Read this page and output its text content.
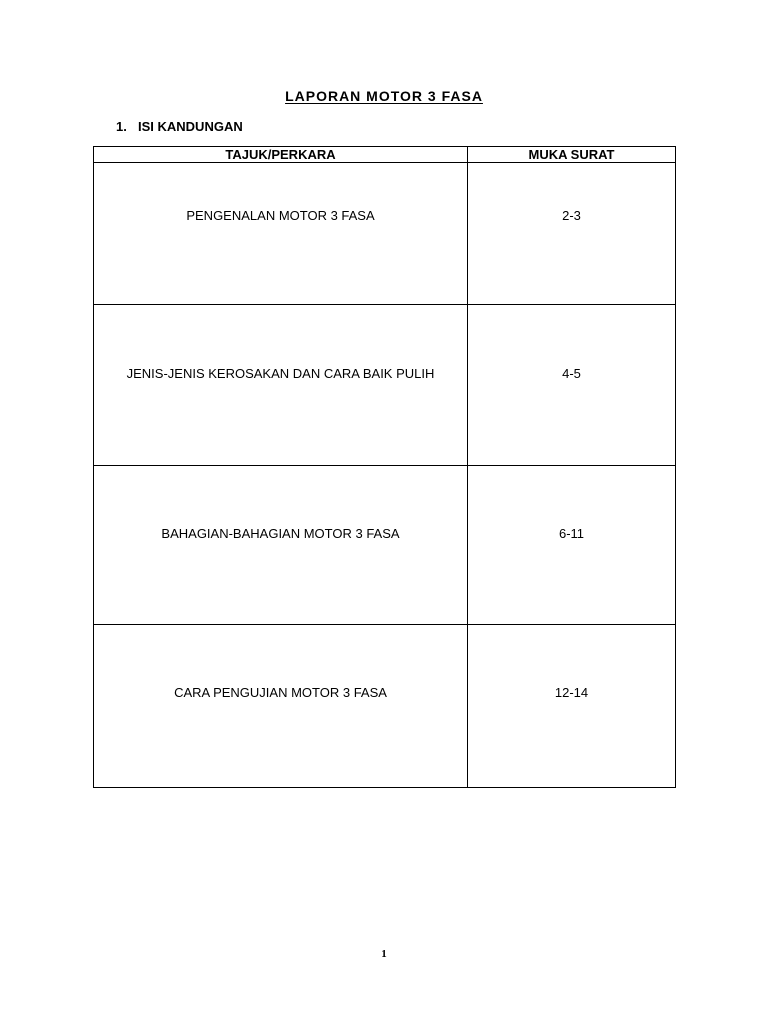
LAPORAN MOTOR 3 FASA
1. ISI KANDUNGAN
TAJUK/PERKARA	MUKA SURAT

PENGENALAN MOTOR 3 FASA	2-3

JENIS-JENIS KEROSAKAN DAN CARA BAIK PULIH	4-5

BAHAGIAN-BAHAGIAN MOTOR 3 FASA	6-11

CARA PENGUJIAN MOTOR 3 FASA	12-14
1
